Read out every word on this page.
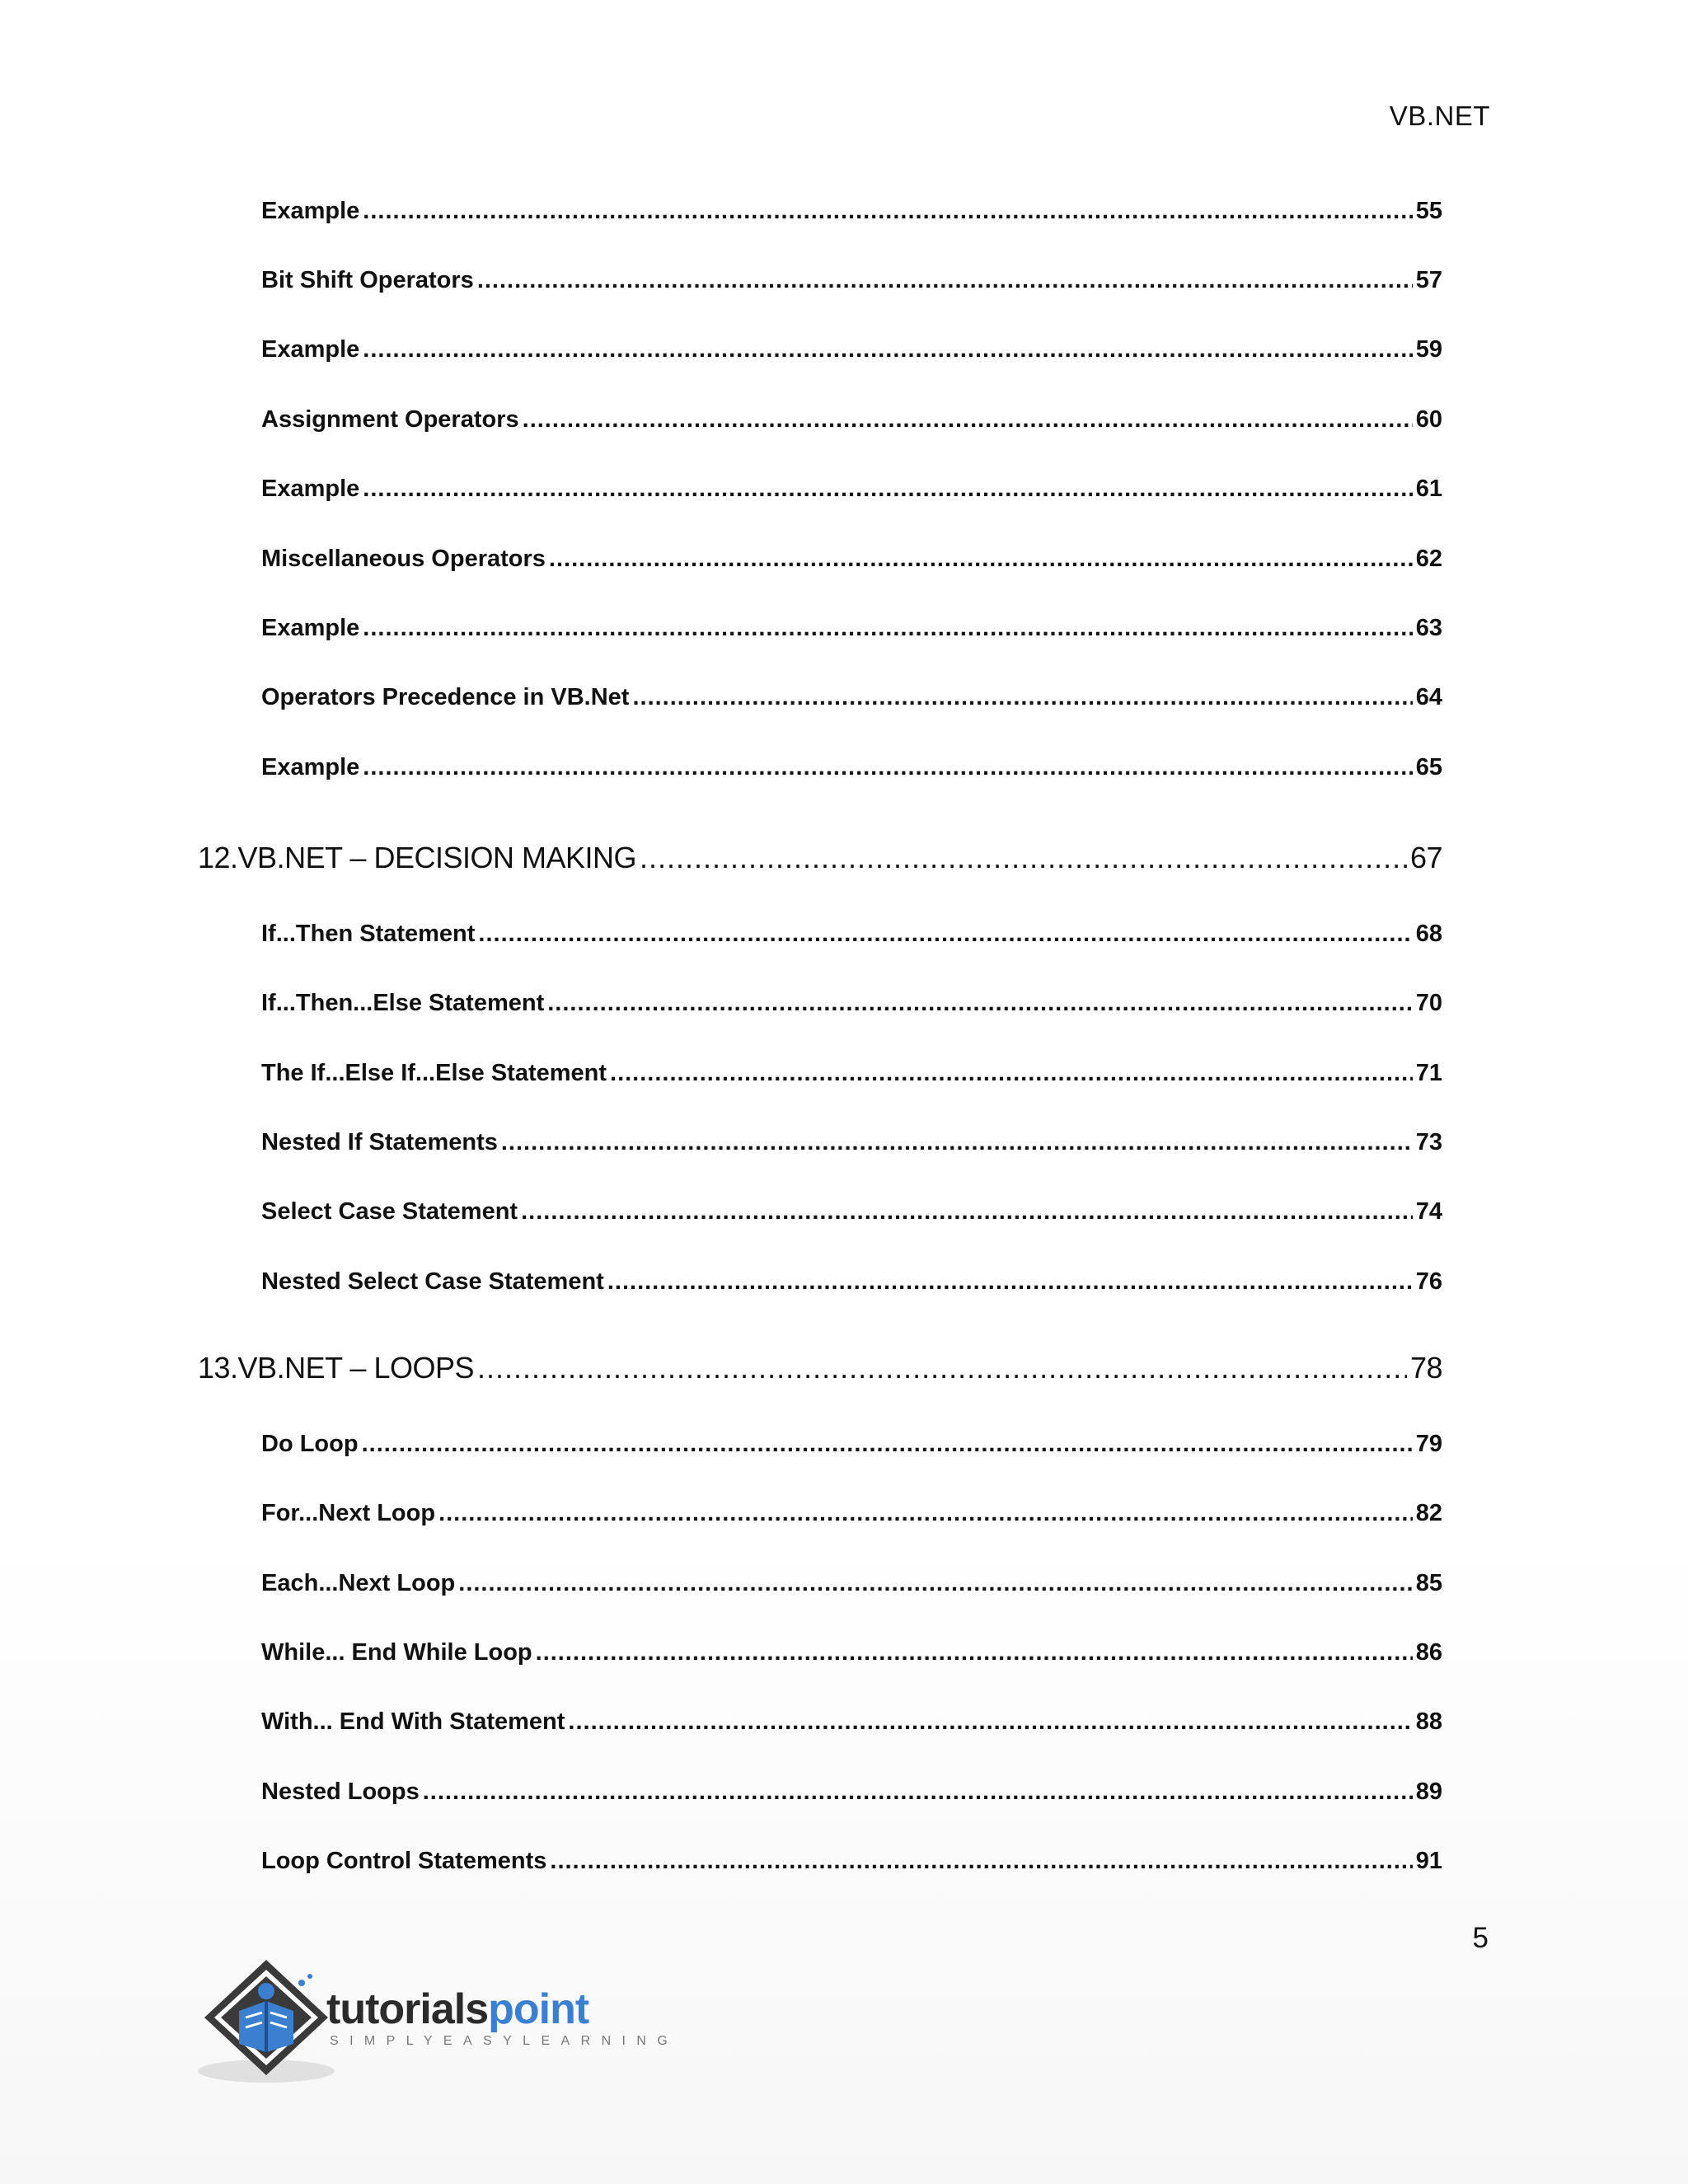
VB.NET
Example .....	55
Bit Shift Operators .....	57
Example .....	59
Assignment Operators .....	60
Example .....	61
Miscellaneous Operators .....	62
Example .....	63
Operators Precedence in VB.Net .....	64
Example .....	65
12. VB.NET – DECISION MAKING .....	67
If...Then Statement .....	68
If...Then...Else Statement .....	70
The If...Else If...Else Statement .....	71
Nested If Statements .....	73
Select Case Statement .....	74
Nested Select Case Statement .....	76
13. VB.NET – LOOPS .....	78
Do Loop .....	79
For...Next Loop .....	82
Each...Next Loop .....	85
While... End While Loop .....	86
With... End With Statement .....	88
Nested Loops .....	89
Loop Control Statements .....	91
5
tutorialspoint
SIMPLYEASYLEARNING
